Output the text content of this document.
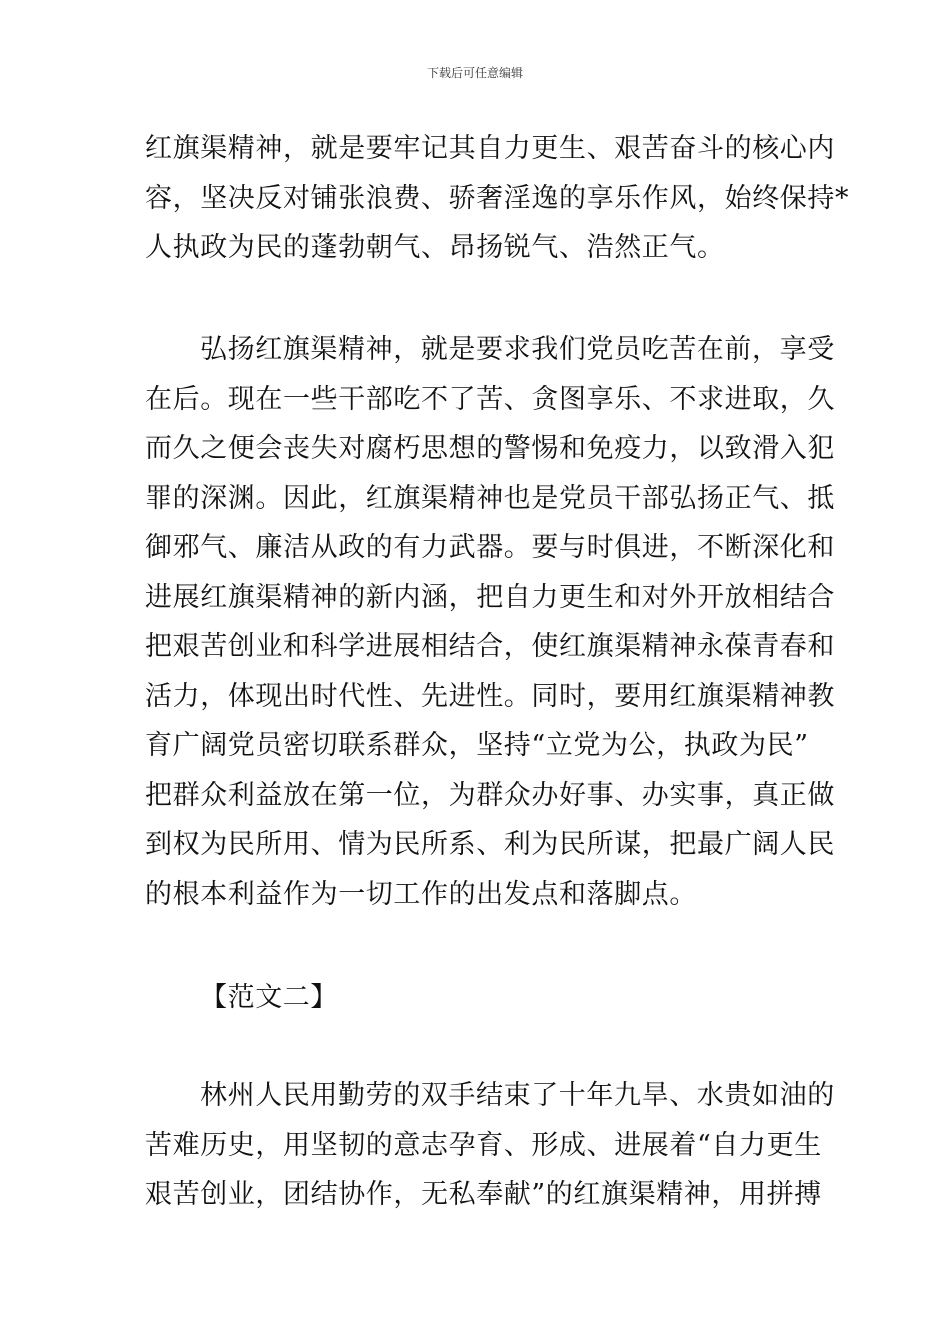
下载后可任意编辑
红旗渠精神，就是要牢记其自力更生、艰苦奋斗的核心内
容，坚决反对铺张浪费、骄奢淫逸的享乐作风，始终保持*
人执政为民的蓬勃朝气、昂扬锐气、浩然正气。
弘扬红旗渠精神，就是要求我们党员吃苦在前，享受
在后。现在一些干部吃不了苦、贪图享乐、不求进取，久
而久之便会丧失对腐朽思想的警惕和免疫力，以致滑入犯
罪的深渊。因此，红旗渠精神也是党员干部弘扬正气、抵
御邪气、廉洁从政的有力武器。要与时俱进，不断深化和
进展红旗渠精神的新内涵，把自力更生和对外开放相结合
把艰苦创业和科学进展相结合，使红旗渠精神永葆青春和
活力，体现出时代性、先进性。同时，要用红旗渠精神教
育广阔党员密切联系群众，坚持“立党为公，执政为民”
把群众利益放在第一位，为群众办好事、办实事，真正做
到权为民所用、情为民所系、利为民所谋，把最广阔人民
的根本利益作为一切工作的出发点和落脚点。
【范文二】
林州人民用勤劳的双手结束了十年九旱、水贵如油的
苦难历史，用坚韧的意志孕育、形成、进展着“自力更生
艰苦创业，团结协作，无私奉献”的红旗渠精神，用拼搏
